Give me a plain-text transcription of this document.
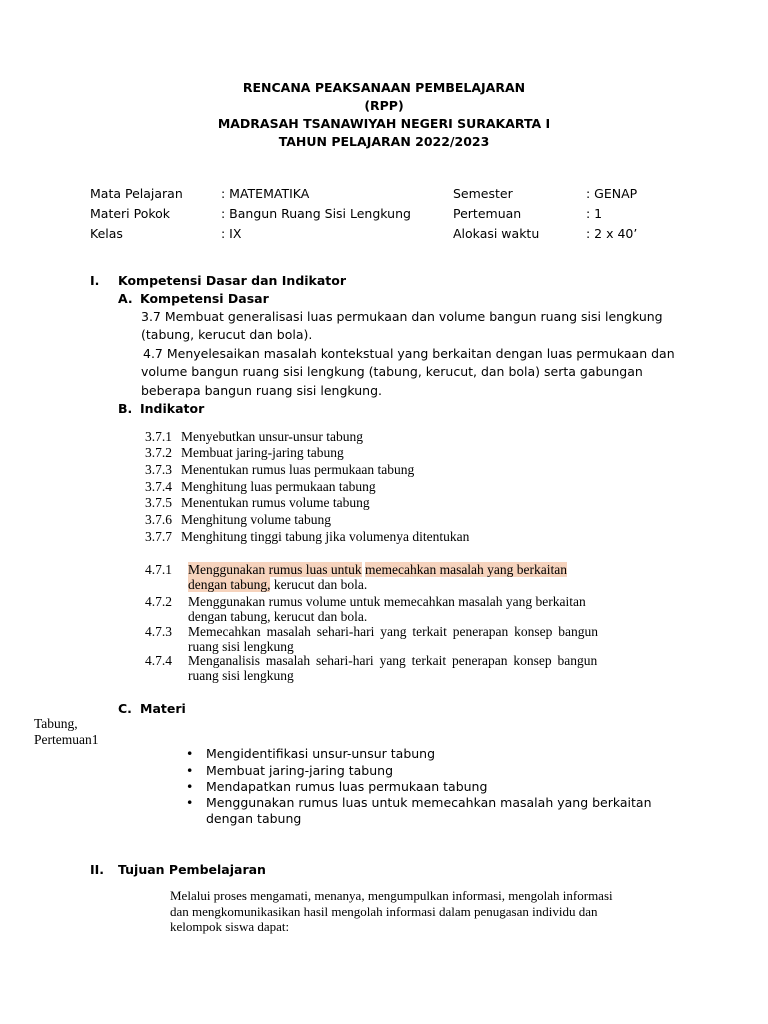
RENCANA PEAKSANAAN PEMBELAJARAN
(RPP)
MADRASAH TSANAWIYAH NEGERI SURAKARTA I
TAHUN PELAJARAN 2022/2023
Mata Pelajaran	: MATEMATIKA	Semester	: GENAP
Materi Pokok	: Bangun Ruang Sisi Lengkung	Pertemuan	: 1
Kelas	: IX	Alokasi waktu	: 2 x 40’
I. Kompetensi Dasar dan Indikator
A. Kompetensi Dasar
3.7 Membuat generalisasi luas permukaan dan volume bangun ruang sisi lengkung
(tabung, kerucut dan bola).
4.7 Menyelesaikan masalah kontekstual yang berkaitan dengan luas permukaan dan
volume bangun ruang sisi lengkung (tabung, kerucut, dan bola) serta gabungan
beberapa bangun ruang sisi lengkung.
B. Indikator
3.7.1 Menyebutkan unsur-unsur tabung
3.7.2 Membuat jaring-jaring tabung
3.7.3 Menentukan rumus luas permukaan tabung
3.7.4 Menghitung luas permukaan tabung
3.7.5 Menentukan rumus volume tabung
3.7.6 Menghitung volume tabung
3.7.7 Menghitung tinggi tabung jika volumenya ditentukan
4.7.1 Menggunakan rumus luas untuk memecahkan masalah yang berkaitan
dengan tabung, kerucut dan bola.
4.7.2 Menggunakan rumus volume untuk memecahkan masalah yang berkaitan
dengan tabung, kerucut dan bola.
4.7.3 Memecahkan masalah sehari-hari yang terkait penerapan konsep bangun
ruang sisi lengkung
4.7.4 Menganalisis masalah sehari-hari yang terkait penerapan konsep bangun
ruang sisi lengkung
C. Materi
Tabung,
Pertemuan1
• Mengidentifikasi unsur-unsur tabung
• Membuat jaring-jaring tabung
• Mendapatkan rumus luas permukaan tabung
• Menggunakan rumus luas untuk memecahkan masalah yang berkaitan
dengan tabung
II. Tujuan Pembelajaran
Melalui proses mengamati, menanya, mengumpulkan informasi, mengolah informasi
dan mengkomunikasikan hasil mengolah informasi dalam penugasan individu dan
kelompok siswa dapat:
